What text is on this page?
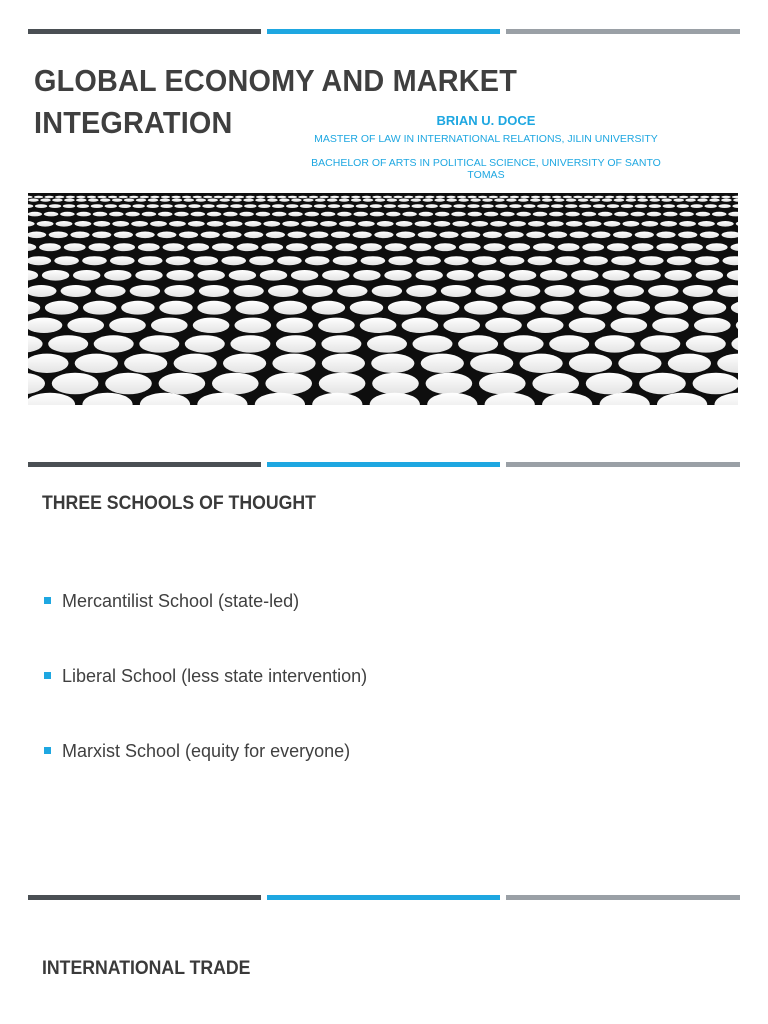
GLOBAL ECONOMY AND MARKET INTEGRATION	BRIAN U. DOCE
MASTER OF LAW IN INTERNATIONAL RELATIONS, JILIN UNIVERSITY
BACHELOR OF ARTS IN POLITICAL SCIENCE, UNIVERSITY OF SANTO TOMAS
THREE SCHOOLS OF THOUGHT
Mercantilist School (state-led)
Liberal School (less state intervention)
Marxist School (equity for everyone)
INTERNATIONAL TRADE
